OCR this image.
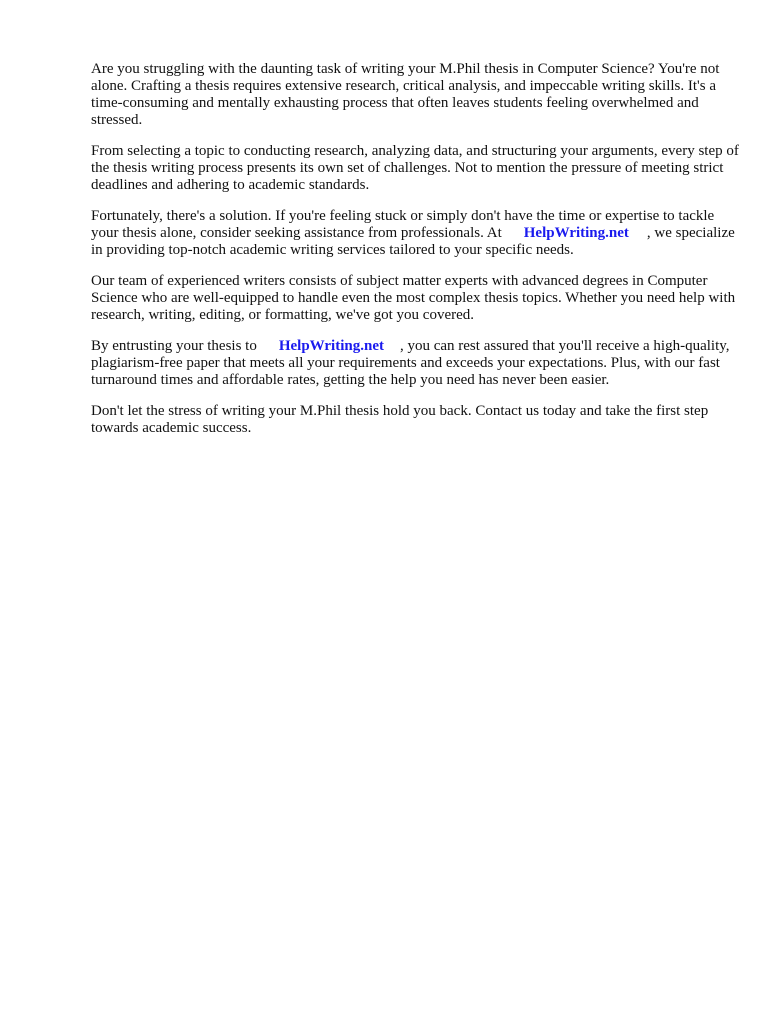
Are you struggling with the daunting task of writing your M.Phil thesis in Computer Science? You're not alone. Crafting a thesis requires extensive research, critical analysis, and impeccable writing skills. It's a time-consuming and mentally exhausting process that often leaves students feeling overwhelmed and stressed.

From selecting a topic to conducting research, analyzing data, and structuring your arguments, every step of the thesis writing process presents its own set of challenges. Not to mention the pressure of meeting strict deadlines and adhering to academic standards.

Fortunately, there's a solution. If you're feeling stuck or simply don't have the time or expertise to tackle your thesis alone, consider seeking assistance from professionals. At HelpWriting.net , we specialize in providing top-notch academic writing services tailored to your specific needs.

Our team of experienced writers consists of subject matter experts with advanced degrees in Computer Science who are well-equipped to handle even the most complex thesis topics. Whether you need help with research, writing, editing, or formatting, we've got you covered.

By entrusting your thesis to HelpWriting.net , you can rest assured that you'll receive a high-quality, plagiarism-free paper that meets all your requirements and exceeds your expectations. Plus, with our fast turnaround times and affordable rates, getting the help you need has never been easier.

Don't let the stress of writing your M.Phil thesis hold you back. Contact us today and take the first step towards academic success.
